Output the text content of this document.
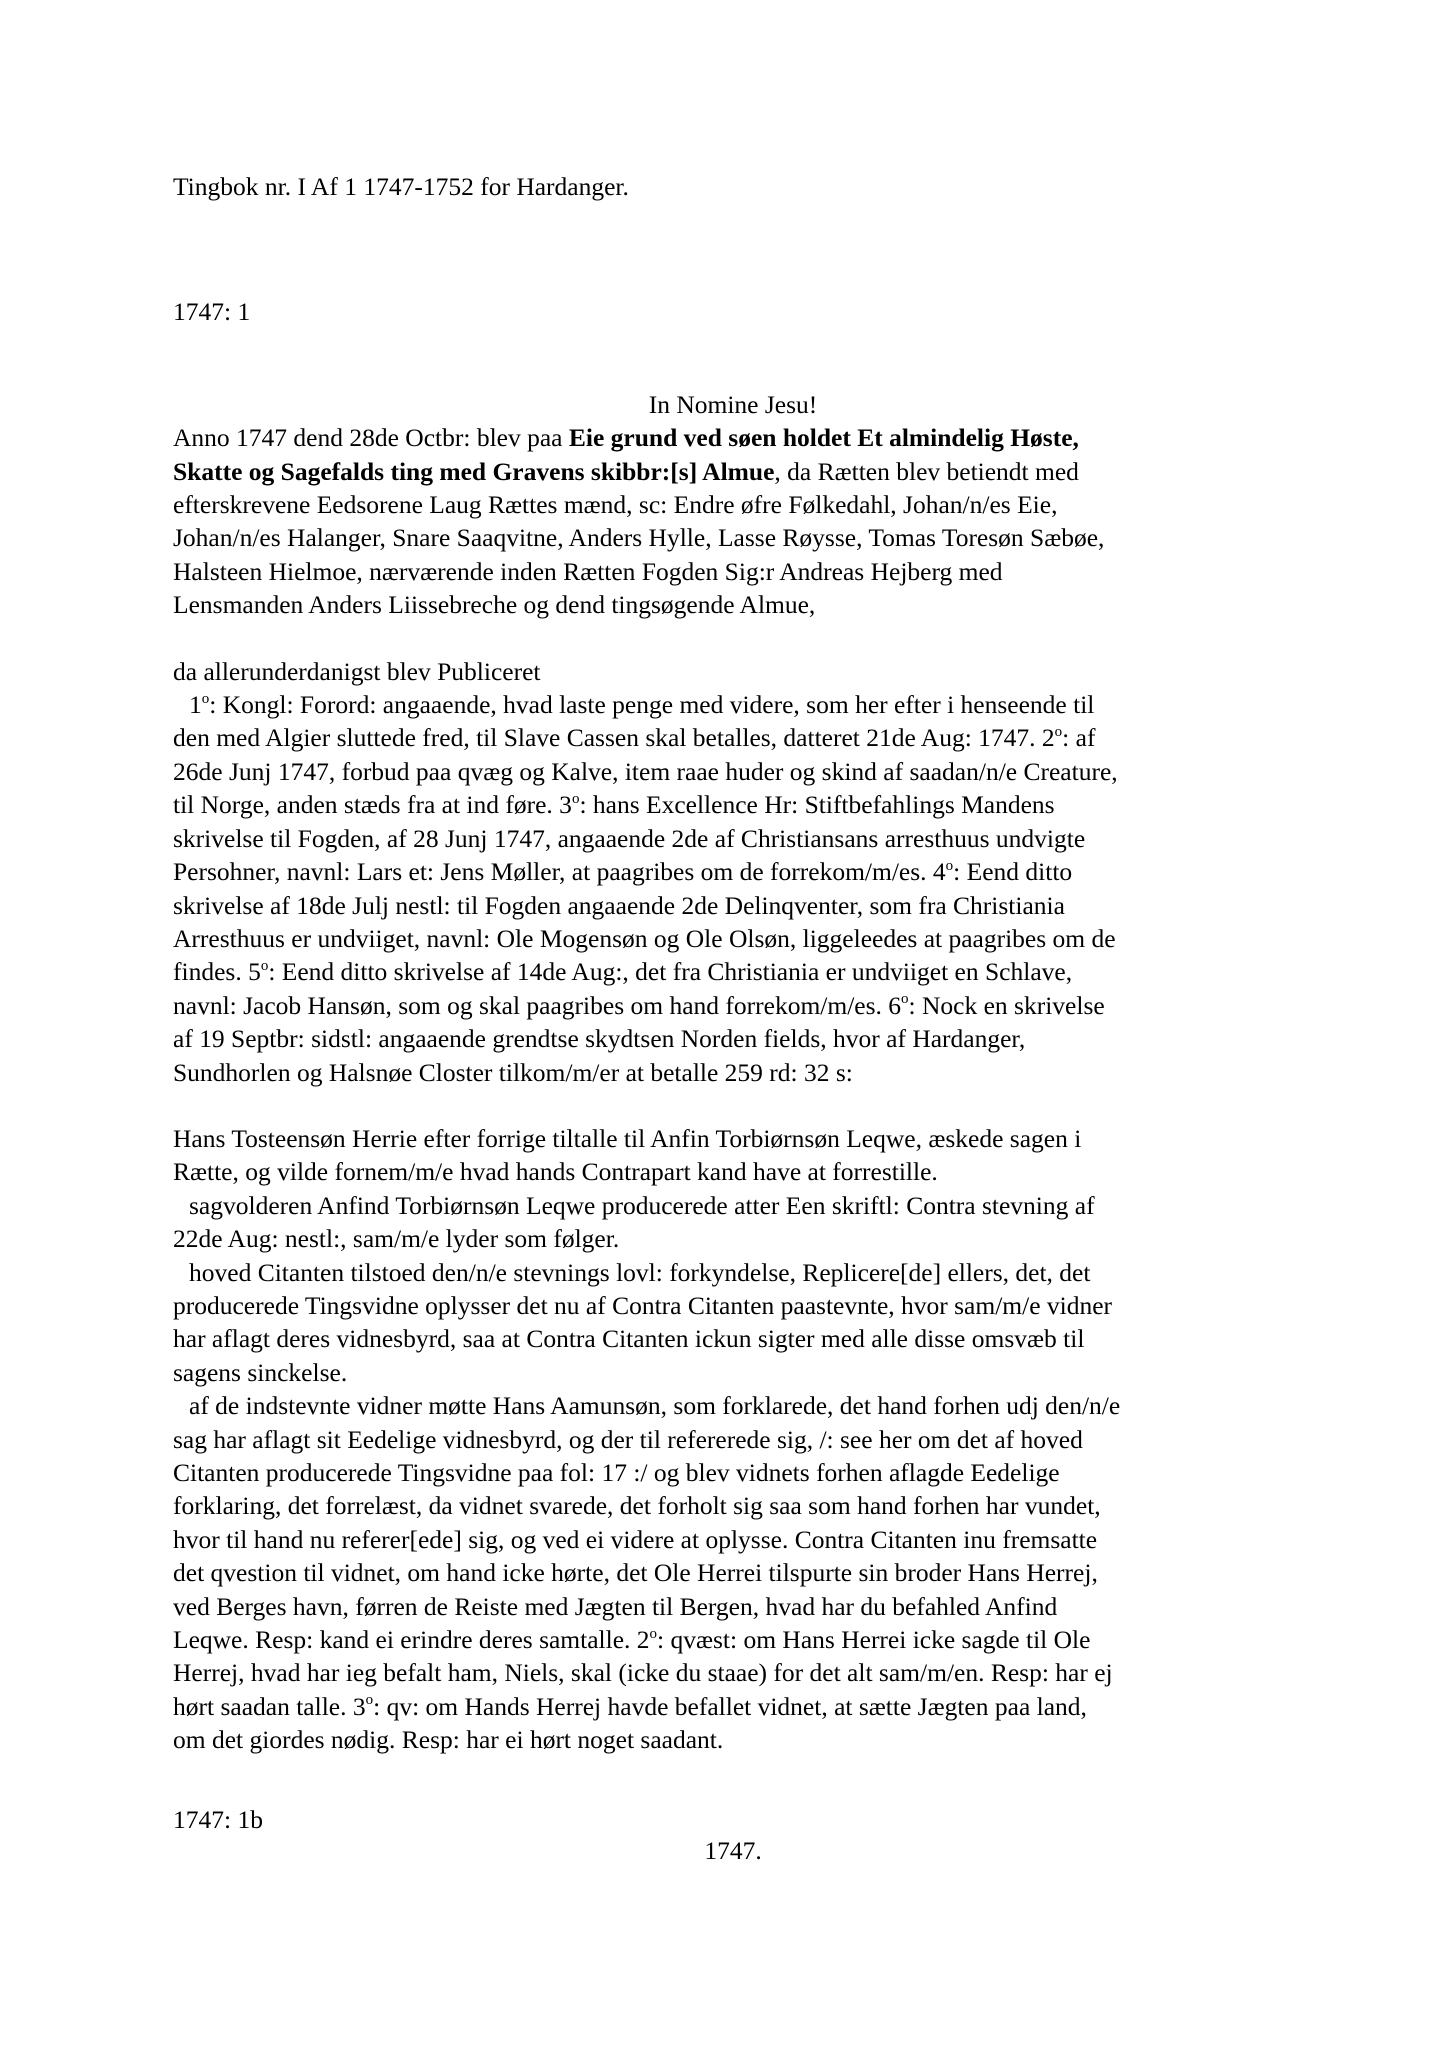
Tingbok nr. I Af 1 1747-1752 for Hardanger.
1747: 1
In Nomine Jesu!
Anno 1747 dend 28de Octbr: blev paa Eie grund ved søen holdet Et almindelig Høste,
Skatte og Sagefalds ting med Gravens skibbr:[s] Almue, da Rætten blev betiendt med
efterskrevene Eedsorene Laug Rættes mænd, sc: Endre øfre Følkedahl, Johan/n/es Eie,
Johan/n/es Halanger, Snare Saaqvitne, Anders Hylle, Lasse Røysse, Tomas Toresøn Sæbøe,
Halsteen Hielmoe, nærværende inden Rætten Fogden Sig:r Andreas Hejberg med
Lensmanden Anders Liissebreche og dend tingsøgende Almue,
da allerunderdanigst blev Publiceret
1$^o$: Kongl: Forord: angaaende, hvad laste penge med videre, som her efter i henseende til
den med Algier sluttede fred, til Slave Cassen skal betalles, datteret 21de Aug: 1747. 2$^o$: af
26de Junj 1747, forbud paa qvæg og Kalve, item raae huder og skind af saadan/n/e Creature,
til Norge, anden stæds fra at ind føre. 3$^o$: hans Excellence Hr: Stiftbefahlings Mandens
skrivelse til Fogden, af 28 Junj 1747, angaaende 2de af Christiansans arresthuus undvigte
Persohner, navnl: Lars et: Jens Møller, at paagribes om de forrekom/m/es. 4$^o$: Eend ditto
skrivelse af 18de Julj nestl: til Fogden angaaende 2de Delinqventer, som fra Christiania
Arresthuus er undviiget, navnl: Ole Mogensøn og Ole Olsøn, liggeleedes at paagribes om de
findes. 5$^o$: Eend ditto skrivelse af 14de Aug:, det fra Christiania er undviiget en Schlave,
navnl: Jacob Hansøn, som og skal paagribes om hand forrekom/m/es. 6$^o$: Nock en skrivelse
af 19 Septbr: sidstl: angaaende grendtse skydtsen Norden fields, hvor af Hardanger,
Sundhorlen og Halsnøe Closter tilkom/m/er at betalle 259 rd: 32 s:
Hans Tosteensøn Herrie efter forrige tiltalle til Anfin Torbiørnsøn Leqwe, æskede sagen i
Rætte, og vilde fornem/m/e hvad hands Contrapart kand have at forrestille.
sagvolderen Anfind Torbiørnsøn Leqwe producerede atter Een skriftl: Contra stevning af
22de Aug: nestl:, sam/m/e lyder som følger.
hoved Citanten tilstoed den/n/e stevnings lovl: forkyndelse, Replicere[de] ellers, det, det
producerede Tingsvidne oplysser det nu af Contra Citanten paastevnte, hvor sam/m/e vidner
har aflagt deres vidnesbyrd, saa at Contra Citanten ickun sigter med alle disse omsvæb til
sagens sinckelse.
af de indstevnte vidner møtte Hans Aamunsøn, som forklarede, det hand forhen udj den/n/e
sag har aflagt sit Eedelige vidnesbyrd, og der til refererede sig, /: see her om det af hoved
Citanten producerede Tingsvidne paa fol: 17 :/ og blev vidnets forhen aflagde Eedelige
forklaring, det forrelæst, da vidnet svarede, det forholt sig saa som hand forhen har vundet,
hvor til hand nu referer[ede] sig, og ved ei videre at oplysse. Contra Citanten inu fremsatte
det qvestion til vidnet, om hand icke hørte, det Ole Herrei tilspurte sin broder Hans Herrej,
ved Berges havn, førren de Reiste med Jægten til Bergen, hvad har du befahled Anfind
Leqwe. Resp: kand ei erindre deres samtalle. 2$^o$: qvæst: om Hans Herrei icke sagde til Ole
Herrej, hvad har ieg befalt ham, Niels, skal (icke du staae) for det alt sam/m/en. Resp: har ej
hørt saadan talle. 3$^o$: qv: om Hands Herrej havde befallet vidnet, at sætte Jægten paa land,
om det giordes nødig. Resp: har ei hørt noget saadant.
1747: 1b
1747.
